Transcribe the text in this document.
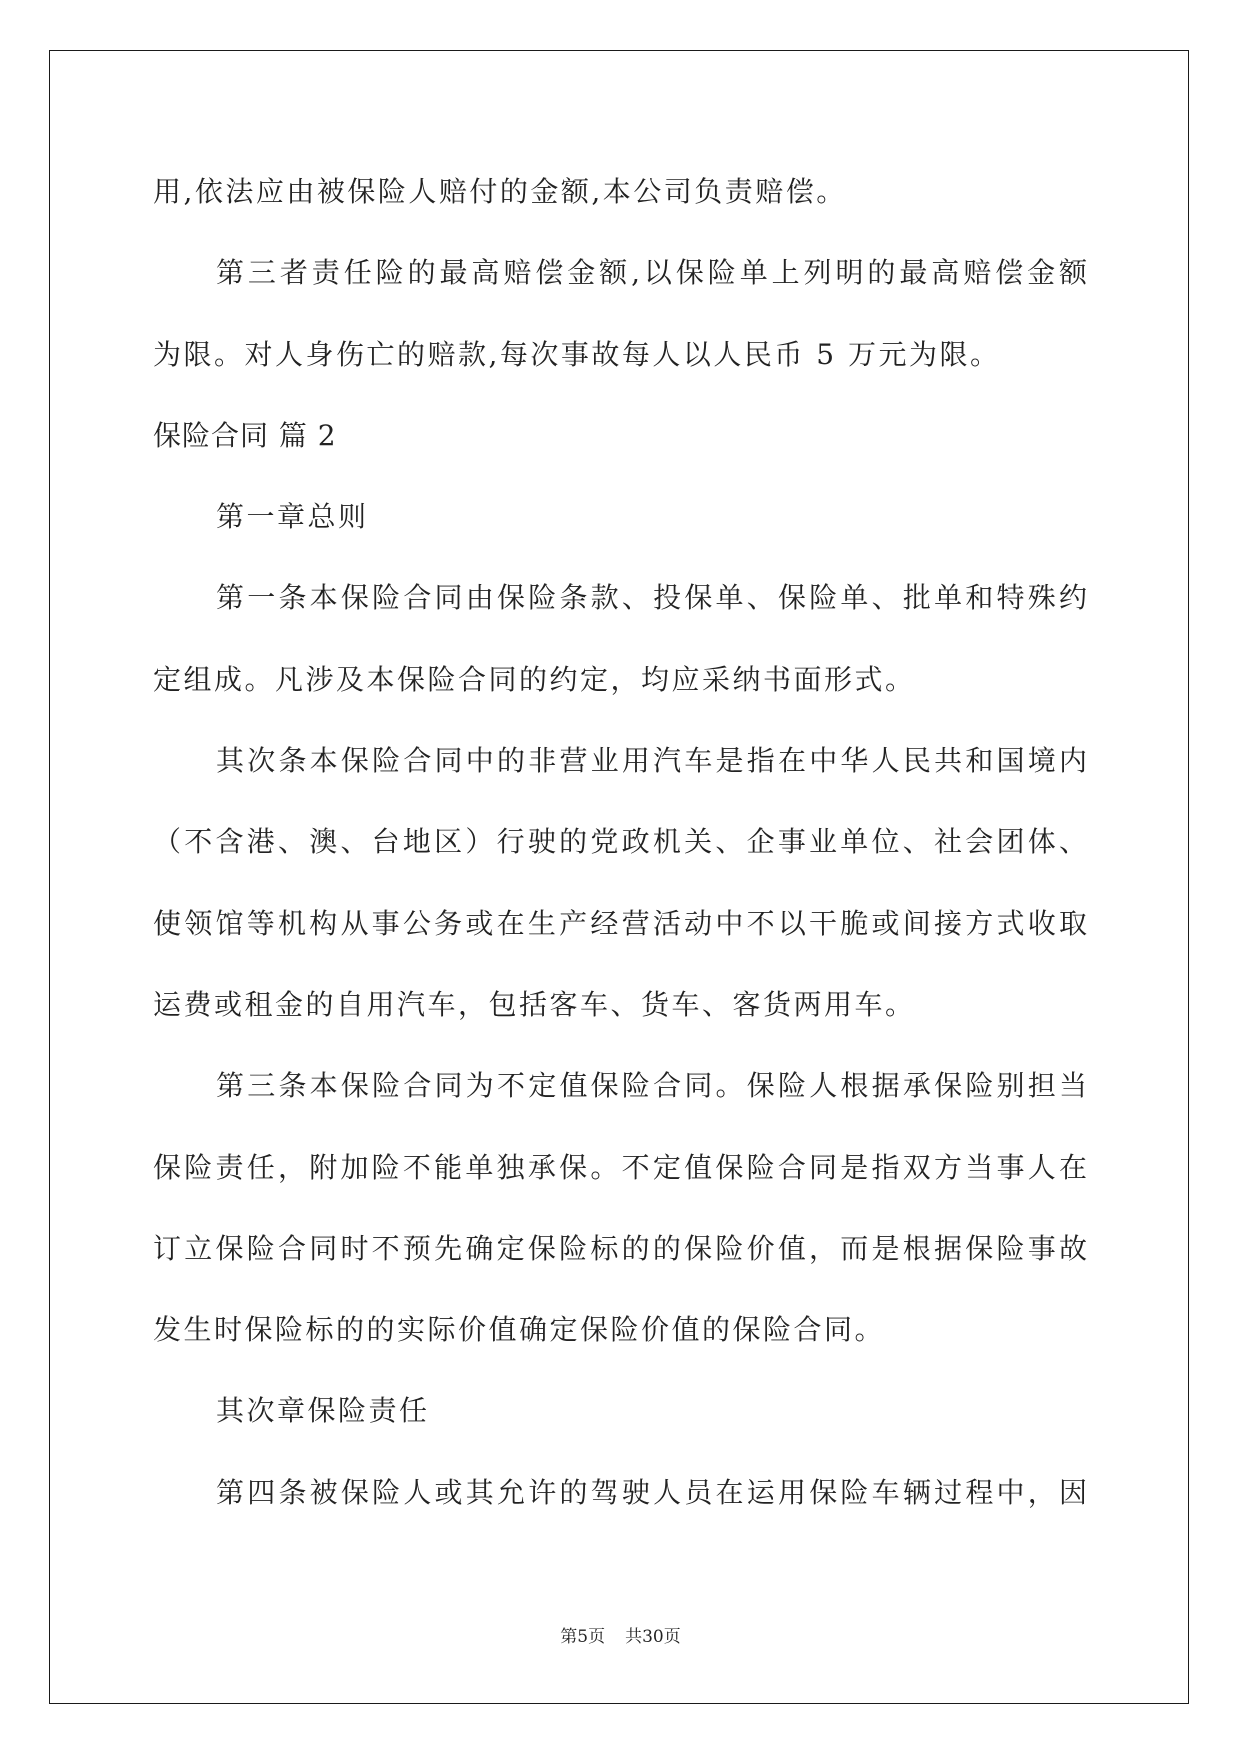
用,依法应由被保险人赔付的金额,本公司负责赔偿。

第三者责任险的最高赔偿金额,以保险单上列明的最高赔偿金额

为限。对人身伤亡的赔款,每次事故每人以人民币 5 万元为限。

保险合同 篇 2

第一章总则

第一条本保险合同由保险条款、投保单、保险单、批单和特殊约

定组成。凡涉及本保险合同的约定，均应采纳书面形式。

其次条本保险合同中的非营业用汽车是指在中华人民共和国境内

（不含港、澳、台地区）行驶的党政机关、企事业单位、社会团体、

使领馆等机构从事公务或在生产经营活动中不以干脆或间接方式收取

运费或租金的自用汽车，包括客车、货车、客货两用车。

第三条本保险合同为不定值保险合同。保险人根据承保险别担当

保险责任，附加险不能单独承保。不定值保险合同是指双方当事人在

订立保险合同时不预先确定保险标的的保险价值，而是根据保险事故

发生时保险标的的实际价值确定保险价值的保险合同。

其次章保险责任

第四条被保险人或其允许的驾驶人员在运用保险车辆过程中，因

第5页 共30页
